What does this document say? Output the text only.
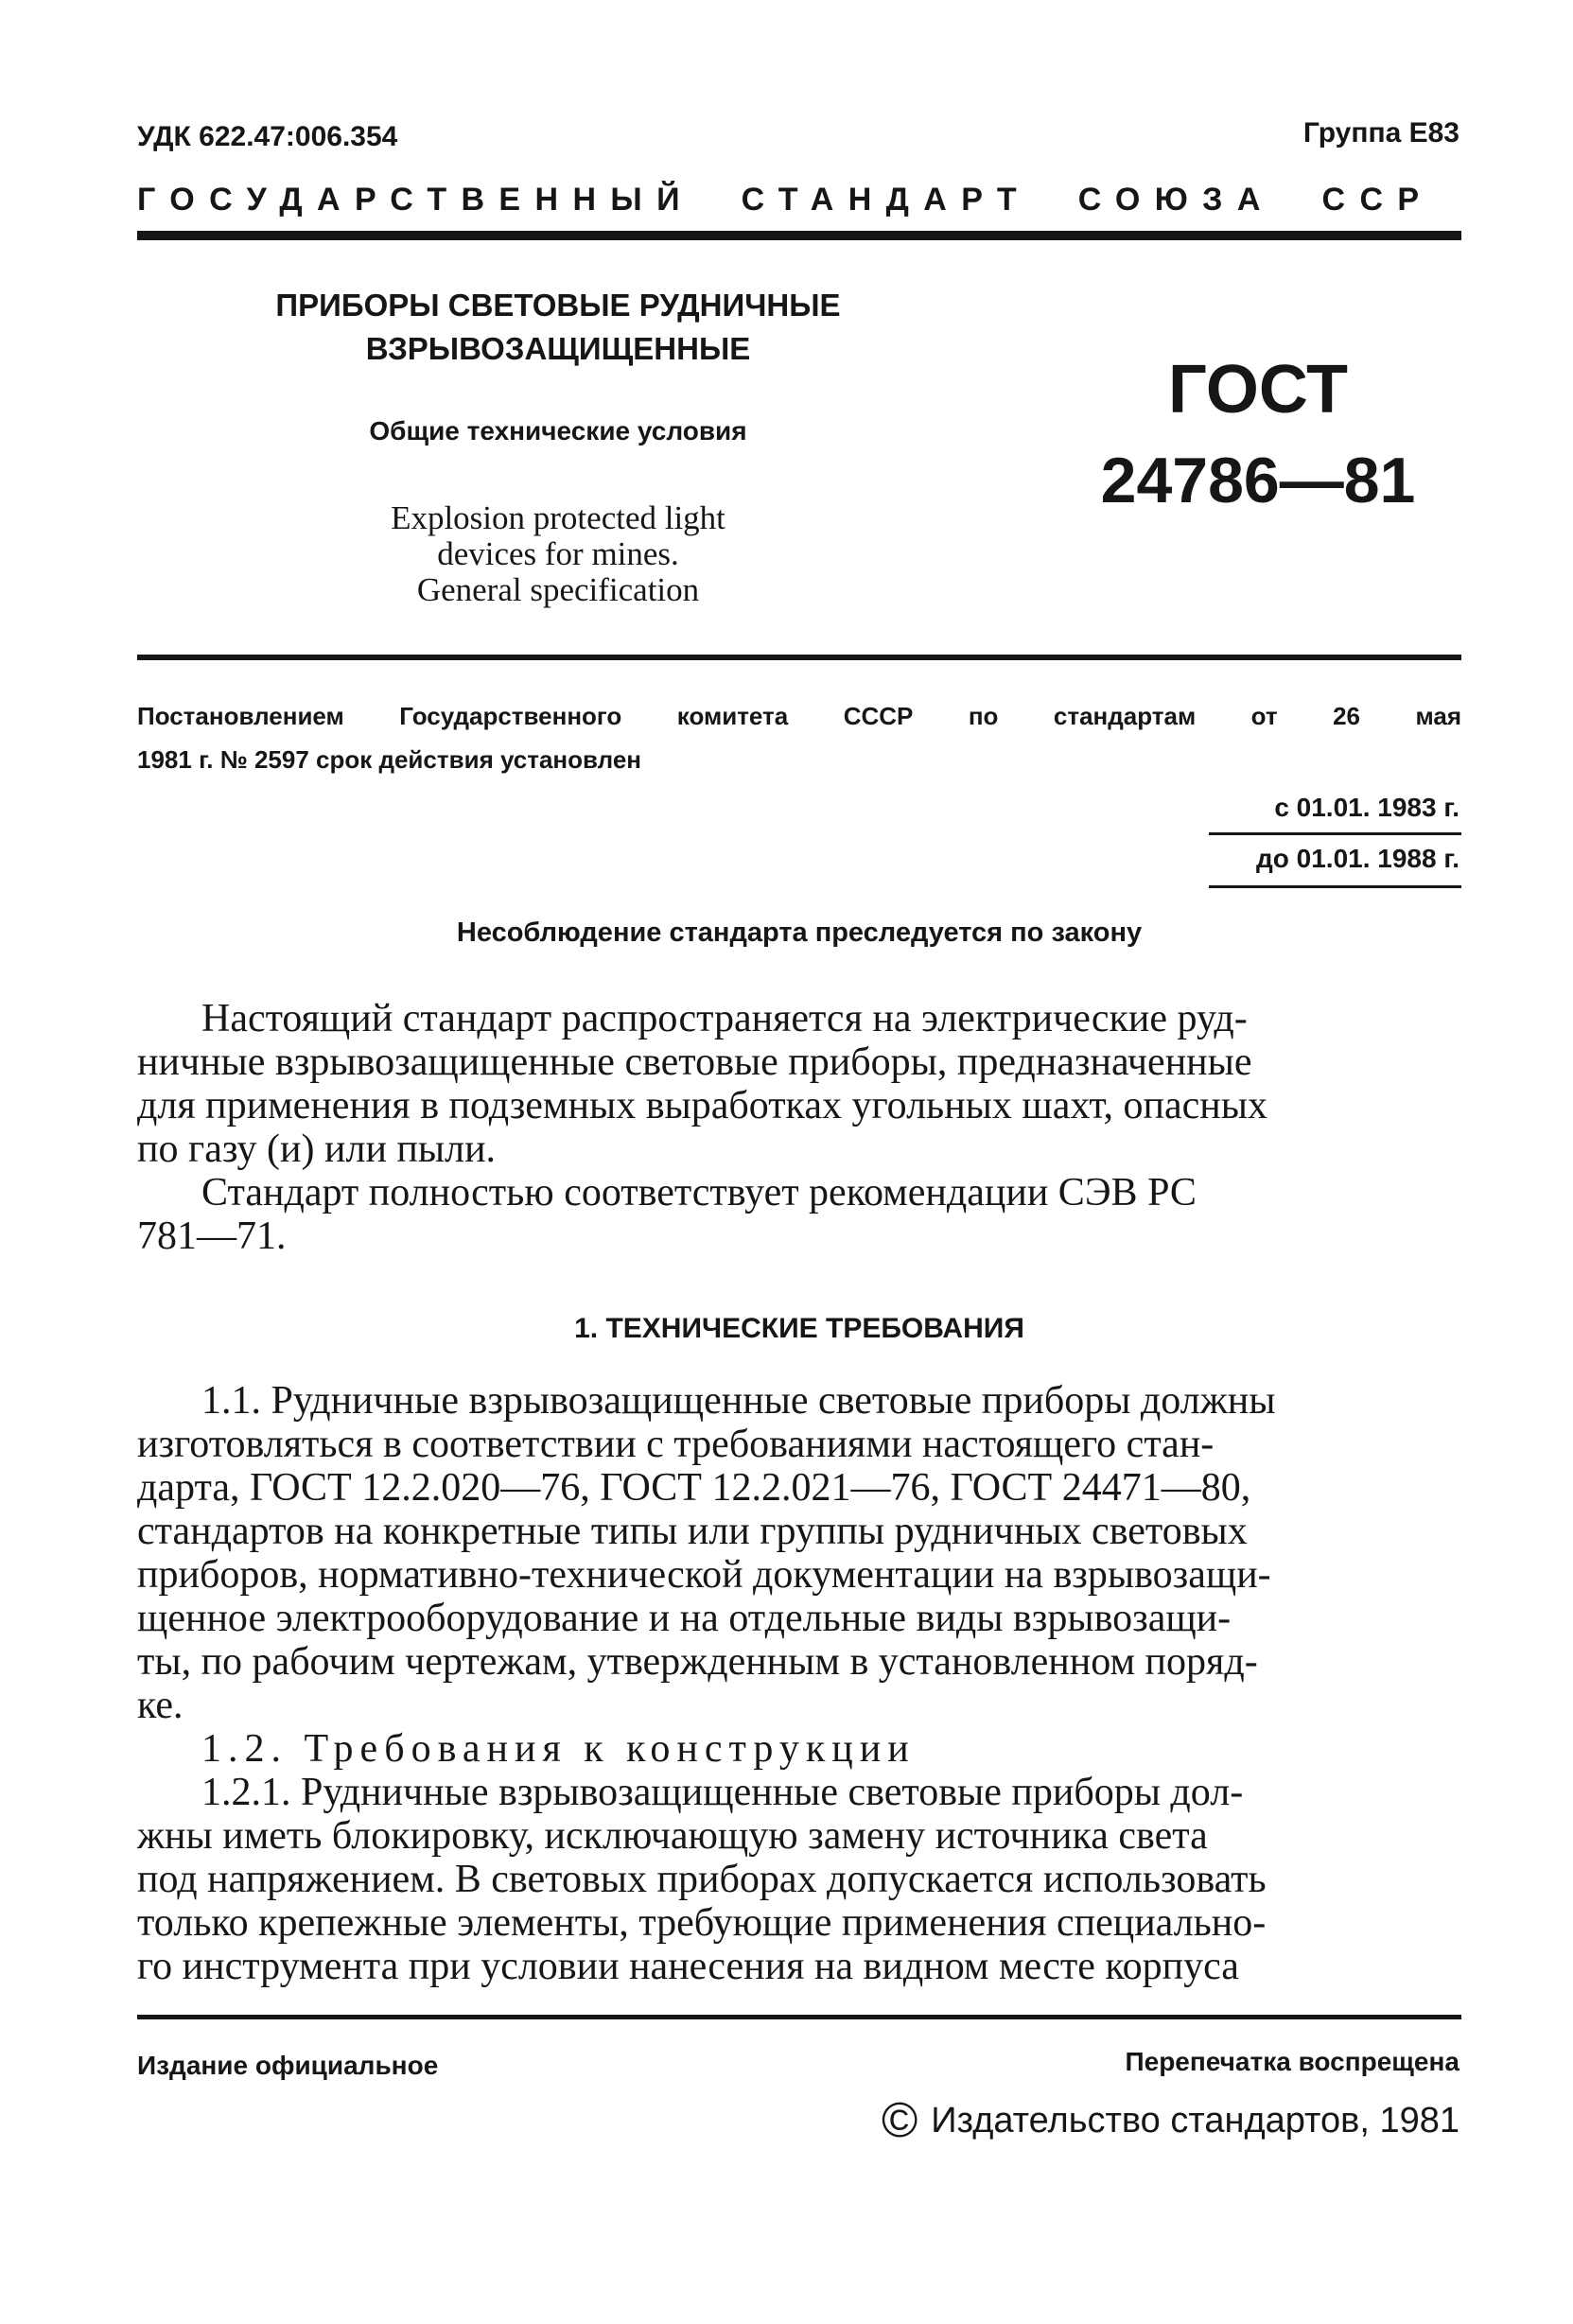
УДК 622.47:006.354	Группа Е83
ГОСУДАРСТВЕННЫЙ  СТАНДАРТ  СОЮЗА  ССР
ПРИБОРЫ СВЕТОВЫЕ РУДНИЧНЫЕ
ВЗРЫВОЗАЩИЩЕННЫЕ
Общие технические условия
Explosion protected light
devices for mines.
General specification
ГОСТ
24786—81
Постановлением Государственного комитета СССР по стандартам от 26 мая
1981 г. № 2597 срок действия установлен
с 01.01. 1983 г.
до 01.01. 1988 г.
Несоблюдение стандарта преследуется по закону

Настоящий стандарт распространяется на электрические руд-

ничные взрывозащищенные световые приборы, предназначенные

для применения в подземных выработках угольных шахт, опасных

по газу (и) или пыли.

Стандарт полностью соответствует рекомендации СЭВ РС

781—71.

1. ТЕХНИЧЕСКИЕ ТРЕБОВАНИЯ

1.1. Рудничные взрывозащищенные световые приборы должны

изготовляться в соответствии с требованиями настоящего стан-

дарта, ГОСТ 12.2.020—76, ГОСТ 12.2.021—76, ГОСТ 24471—80,

стандартов на конкретные типы или группы рудничных световых

приборов, нормативно-технической документации на взрывозащи-

щенное электрооборудование и на отдельные виды взрывозащи-

ты, по рабочим чертежам, утвержденным в установленном поряд-

ке.

1.2. Требования к конструкции

1.2.1. Рудничные взрывозащищенные световые приборы дол-

жны иметь блокировку, исключающую замену источника света

под напряжением. В световых приборах допускается использовать

только крепежные элементы, требующие применения специально-

го инструмента при условии нанесения на видном месте корпуса

Издание официальное	Перепечатка воспрещена
© Издательство стандартов, 1981
